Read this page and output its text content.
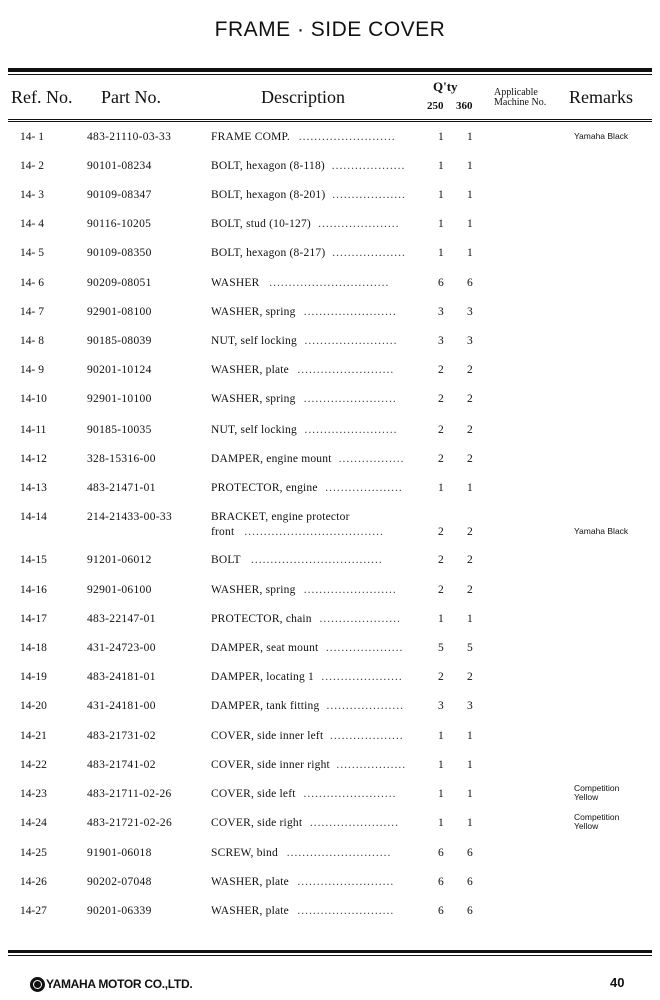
FRAME · SIDE COVER
Ref. No. Part No.	Description
Q'ty
250 360
Applicable
Machine No. Remarks
14- 1	483-21110-03-33	FRAME COMP. .........................	1 1	Yamaha Black
14- 2	90101-08234	BOLT, hexagon (8-118) ...................	1 1
14- 3	90109-08347	BOLT, hexagon (8-201) ...................	1 1
14- 4	90116-10205	BOLT, stud (10-127) .....................	1 1
14- 5	90109-08350	BOLT, hexagon (8-217) ...................	1 1
14- 6	90209-08051	WASHER ...............................	6 6
14- 7	92901-08100	WASHER, spring ........................	3 3
14- 8	90185-08039	NUT, self locking ........................	3 3
14- 9	90201-10124	WASHER, plate .........................	2 2
14-10	92901-10100	WASHER, spring ........................	2 2
14-11	90185-10035	NUT, self locking ........................	2 2
14-12	328-15316-00	DAMPER, engine mount .................	2 2
14-13	483-21471-01	PROTECTOR, engine ....................	1 1
14-14	214-21433-00-33	BRACKET, engine protector
front ....................................	2 2	Yamaha Black
14-15	91201-06012	BOLT ..................................	2 2
14-16	92901-06100	WASHER, spring ........................	2 2
14-17	483-22147-01	PROTECTOR, chain .....................	1 1
14-18	431-24723-00	DAMPER, seat mount ....................	5 5
14-19	483-24181-01	DAMPER, locating 1 .....................	2 2
14-20	431-24181-00	DAMPER, tank fitting ....................	3 3
14-21	483-21731-02	COVER, side inner left ...................	1 1
14-22	483-21741-02	COVER, side inner right ..................	1 1
14-23	483-21711-02-26	COVER, side left ........................	1 1	Competition
Yellow
14-24	483-21721-02-26	COVER, side right .......................	1 1	Competition
Yellow
14-25	91901-06018	SCREW, bind ...........................	6 6
14-26	90202-07048	WASHER, plate .........................	6 6
14-27	90201-06339	WASHER, plate .........................	6 6
YAMAHA MOTOR CO.,LTD.	40
